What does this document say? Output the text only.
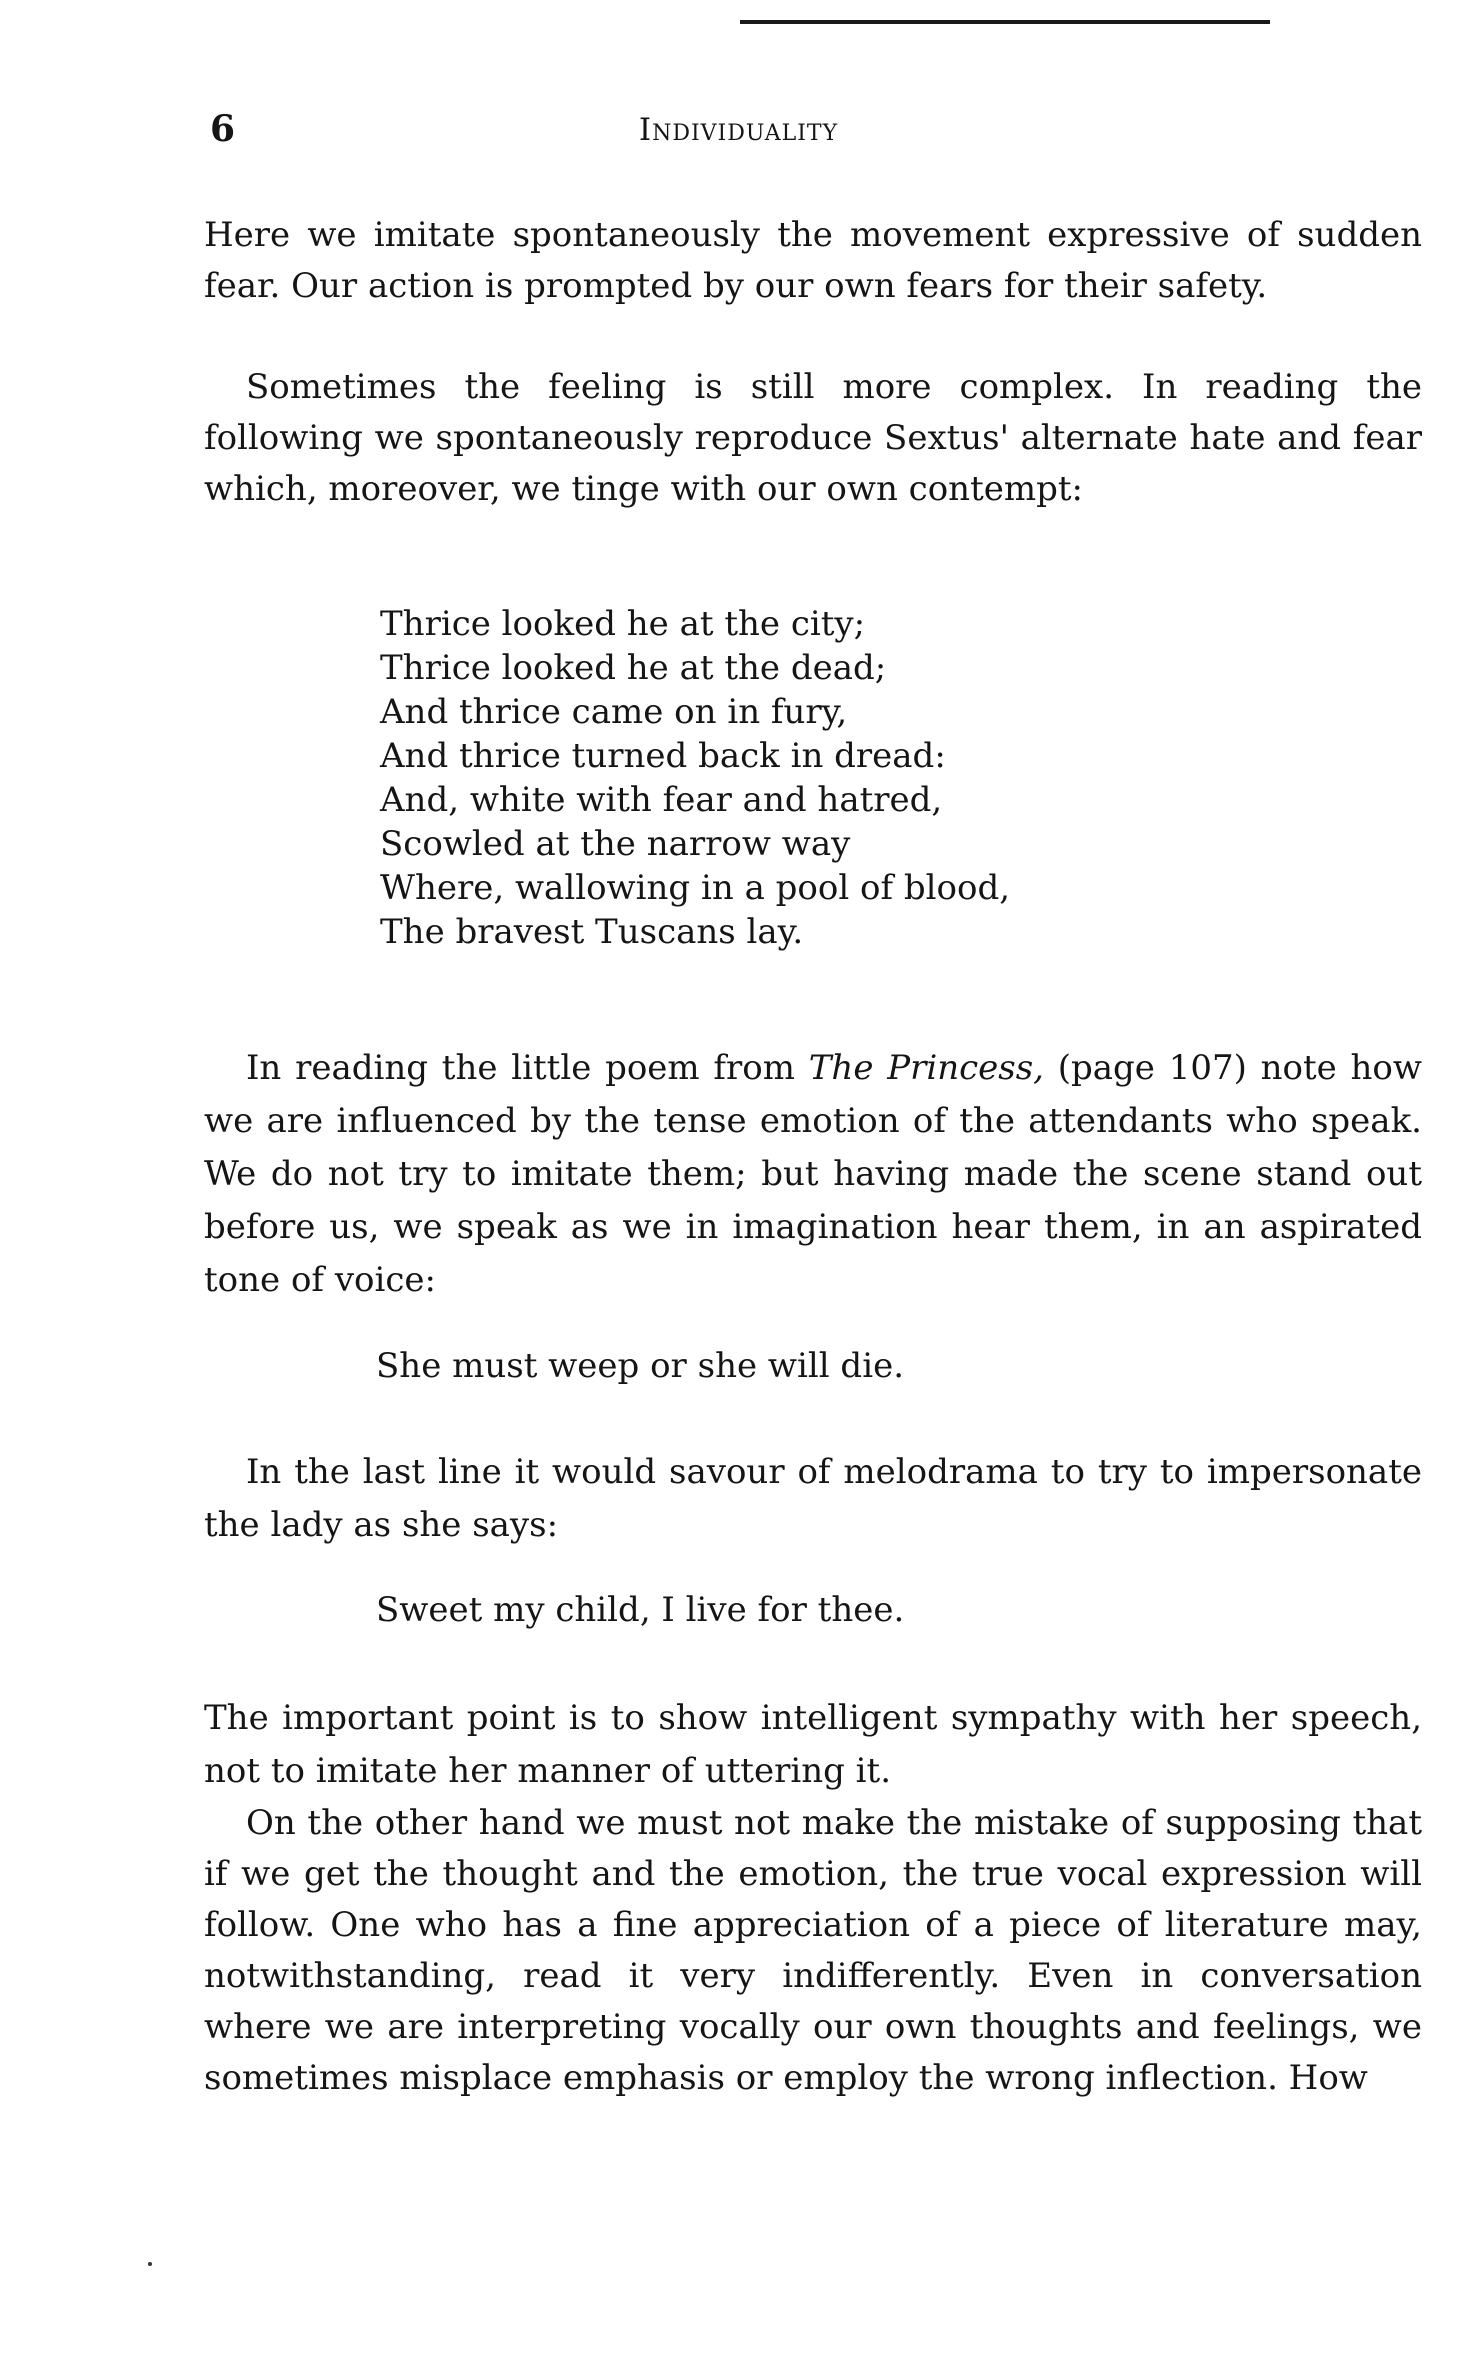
6	Individuality

Here we imitate spontaneously the movement expressive of sudden fear. Our action is prompted by our own fears for their safety.

Sometimes the feeling is still more complex. In reading the following we spontaneously reproduce Sextus' alternate hate and fear which, moreover, we tinge with our own contempt:

Thrice looked he at the city;
Thrice looked he at the dead;
And thrice came on in fury,
And thrice turned back in dread:
And, white with fear and hatred,
Scowled at the narrow way
Where, wallowing in a pool of blood,
The bravest Tuscans lay.

In reading the little poem from The Princess, (page 107) note how we are influenced by the tense emotion of the attendants who speak. We do not try to imitate them; but having made the scene stand out before us, we speak as we in imagination hear them, in an aspirated tone of voice:

She must weep or she will die.

In the last line it would savour of melodrama to try to impersonate the lady as she says:

Sweet my child, I live for thee.

The important point is to show intelligent sympathy with her speech, not to imitate her manner of uttering it.

On the other hand we must not make the mistake of supposing that if we get the thought and the emotion, the true vocal expression will follow. One who has a fine appreciation of a piece of literature may, notwithstanding, read it very indifferently. Even in conversation where we are interpreting vocally our own thoughts and feelings, we sometimes misplace emphasis or employ the wrong inflection. How
